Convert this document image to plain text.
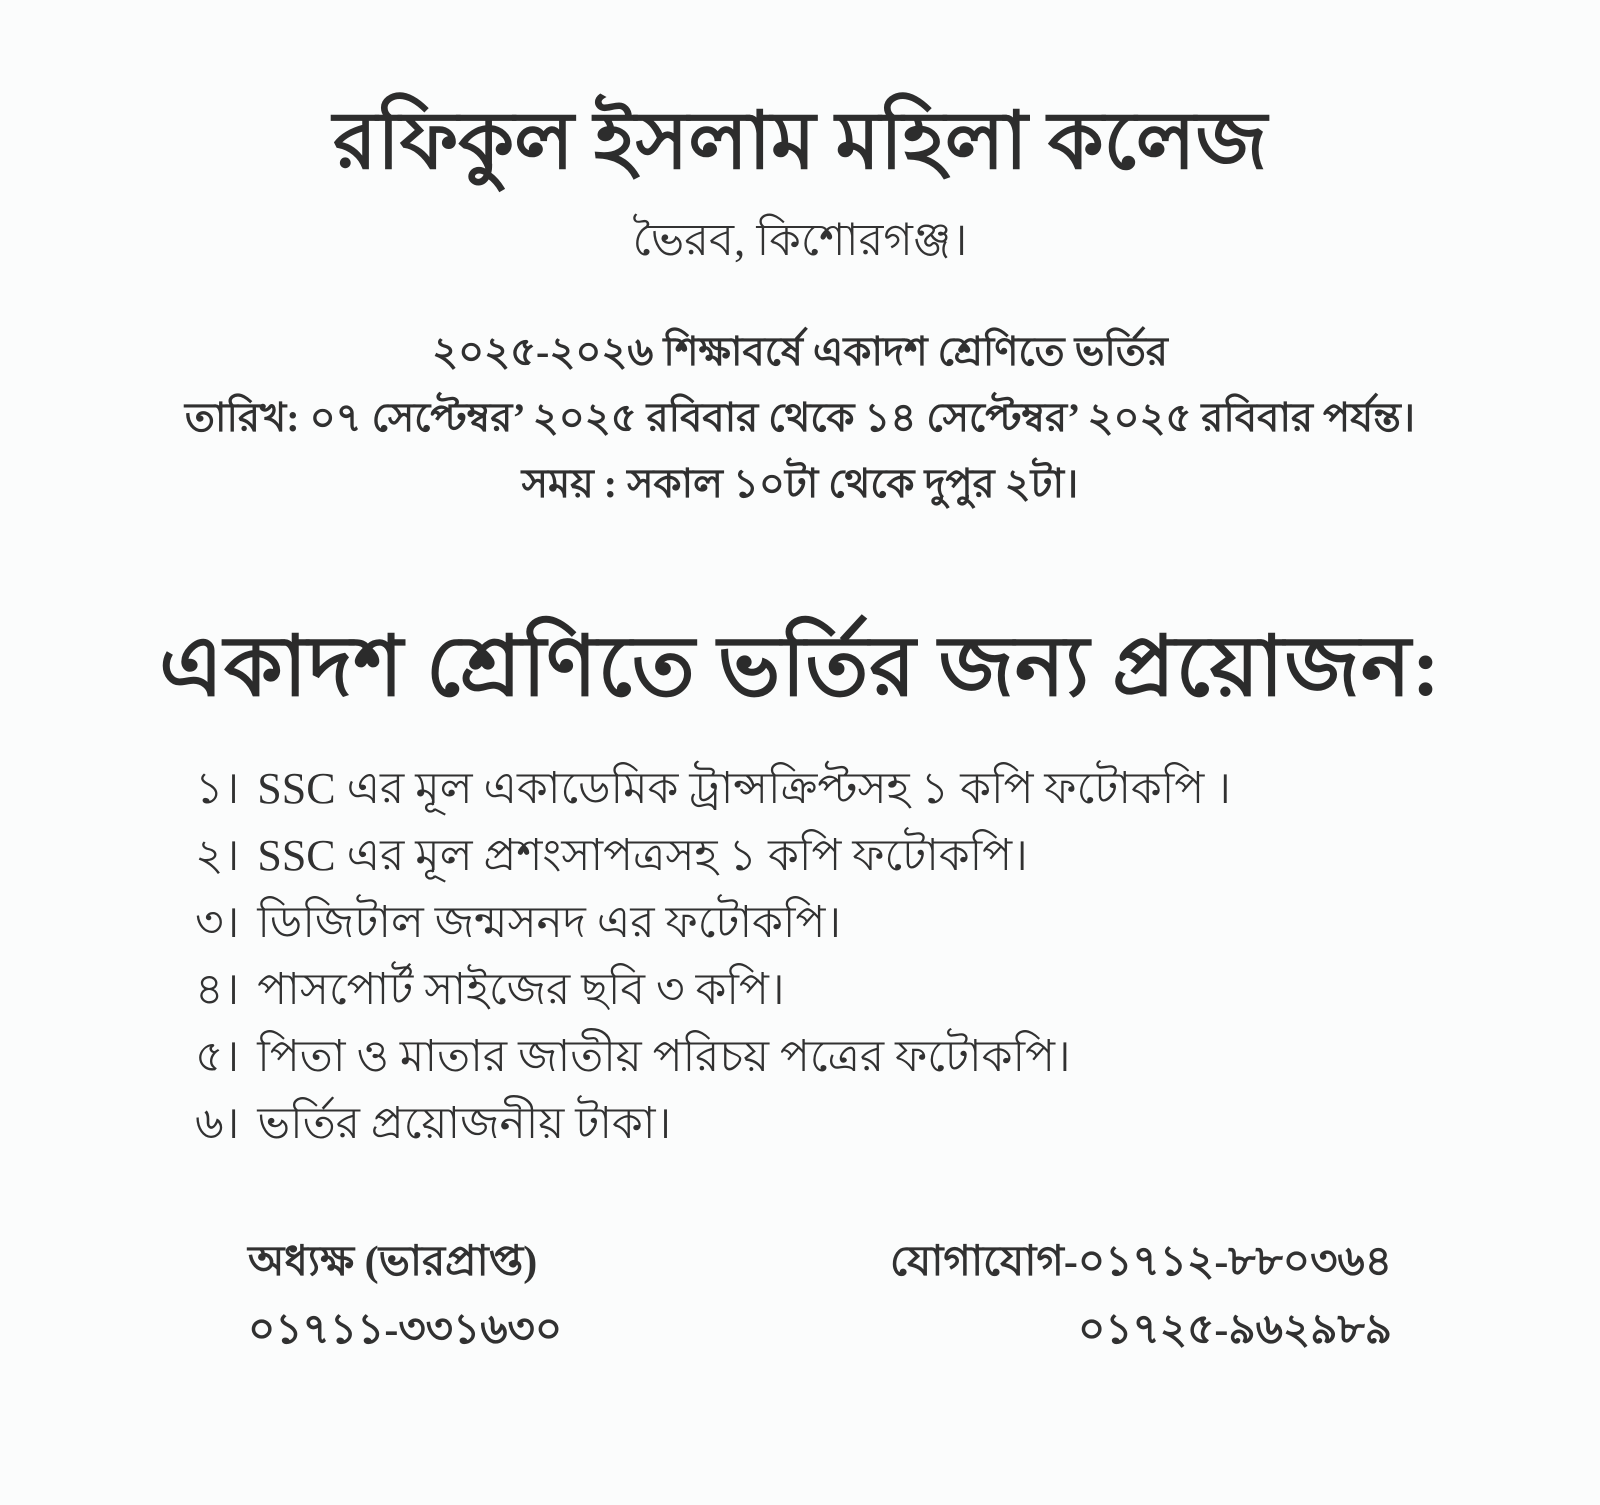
রফিকুল ইসলাম মহিলা কলেজ
ভৈরব, কিশোরগঞ্জ।
২০২৫-২০২৬ শিক্ষাবর্ষে একাদশ শ্রেণিতে ভর্তির
তারিখ: ০৭ সেপ্টেম্বর’ ২০২৫ রবিবার থেকে ১৪ সেপ্টেম্বর’ ২০২৫ রবিবার পর্যন্ত।
সময় : সকাল ১০টা থেকে দুপুর ২টা।
একাদশ শ্রেণিতে ভর্তির জন্য প্রয়োজন:
১। SSC এর মূল একাডেমিক ট্রান্সক্রিপ্টসহ ১ কপি ফটোকপি ।
২। SSC এর মূল প্রশংসাপত্রসহ ১ কপি ফটোকপি।
৩। ডিজিটাল জন্মসনদ এর ফটোকপি।
৪। পাসপোর্ট সাইজের ছবি ৩ কপি।
৫। পিতা ও মাতার জাতীয় পরিচয় পত্রের ফটোকপি।
৬। ভর্তির প্রয়োজনীয় টাকা।
অধ্যক্ষ (ভারপ্রাপ্ত)
০১৭১১-৩৩১৬৩০
যোগাযোগ-০১৭১২-৮৮০৩৬৪
০১৭২৫-৯৬২৯৮৯
